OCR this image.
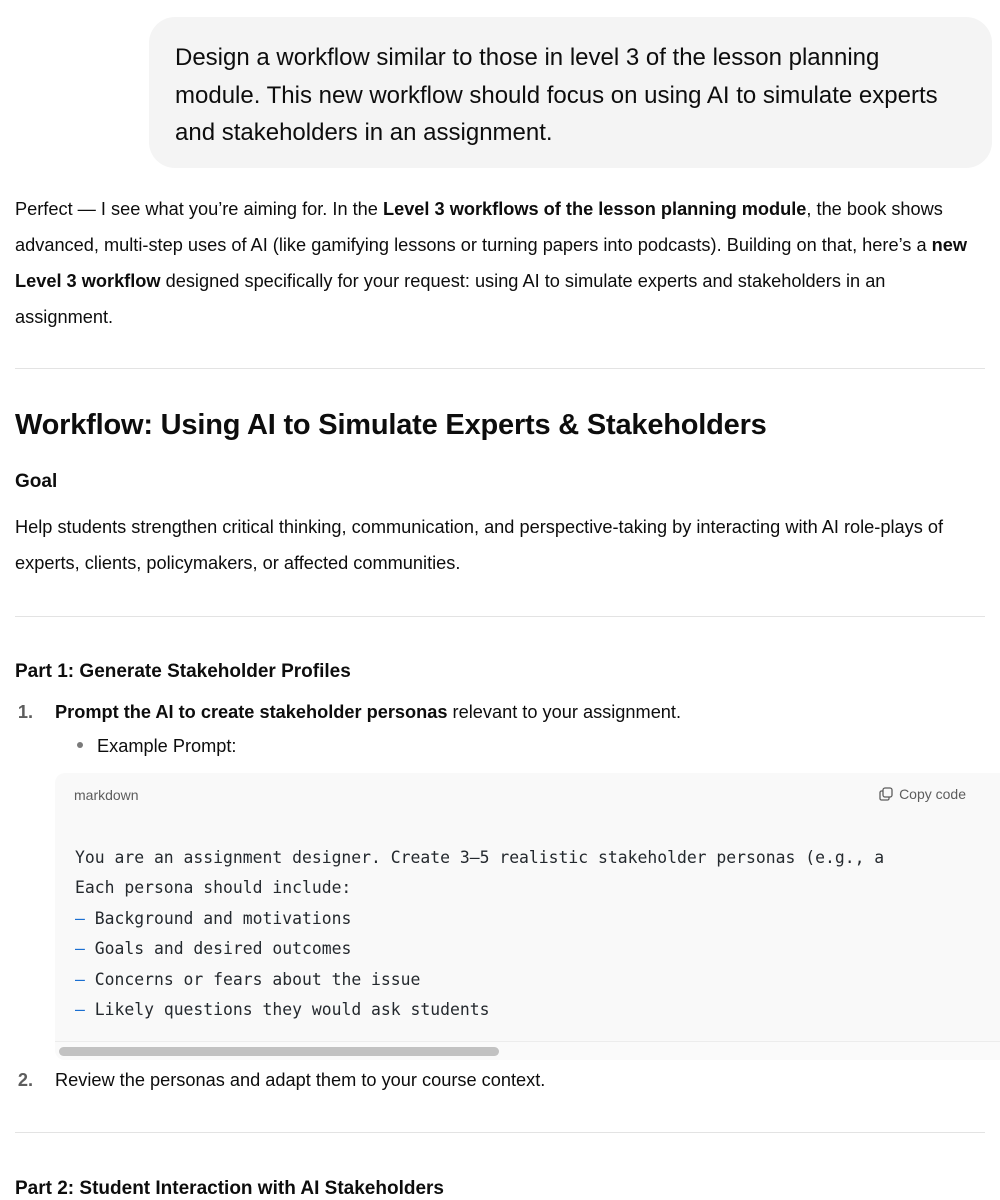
Design a workflow similar to those in level 3 of the lesson planning module. This new workflow should focus on using AI to simulate experts and stakeholders in an assignment.

Perfect — I see what you’re aiming for. In the Level 3 workflows of the lesson planning module, the book shows advanced, multi-step uses of AI (like gamifying lessons or turning papers into podcasts). Building on that, here’s a new Level 3 workflow designed specifically for your request: using AI to simulate experts and stakeholders in an assignment.

Workflow: Using AI to Simulate Experts & Stakeholders
Goal

Help students strengthen critical thinking, communication, and perspective-taking by interacting with AI role-plays of experts, clients, policymakers, or affected communities.

Part 1: Generate Stakeholder Profiles
1. Prompt the AI to create stakeholder personas relevant to your assignment.
Example Prompt:
markdown	Copy code
You are an assignment designer. Create 3–5 realistic stakeholder personas (e.g., a
Each persona should include:
– Background and motivations
– Goals and desired outcomes
– Concerns or fears about the issue
– Likely questions they would ask students
2. Review the personas and adapt them to your course context.
Part 2: Student Interaction with AI Stakeholders
